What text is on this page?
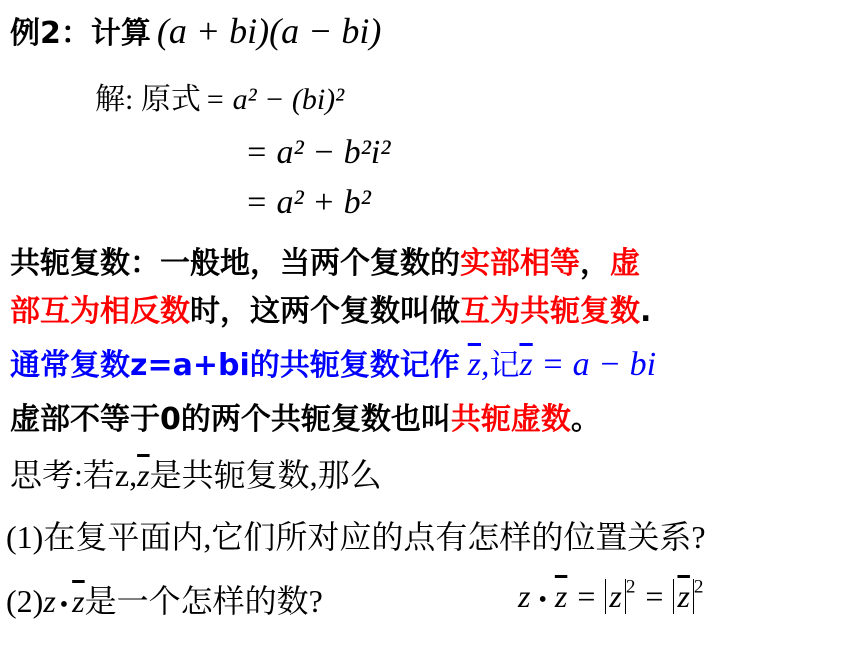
例2：计算 (a + bi)(a − bi)
解: 原式 = a² − (bi)²
= a² − b²i²
= a² + b²
共轭复数：一般地，当两个复数的实部相等，虚
部互为相反数时，这两个复数叫做互为共轭复数.
通常复数z=a+bi的共轭复数记作 $\overline{z}$,记$\overline{z} = a$ − bi
虚部不等于0的两个共轭复数也叫共轭虚数。
思考:若$z,\overline{z}$是共轭复数,那么
(1)在复平面内,它们所对应的点有怎样的位置关系?
(2)z • $\overline{z}$是一个怎样的数?	z • $\overline{z} = z$ $^2 = \overline{z}$ $^2$
